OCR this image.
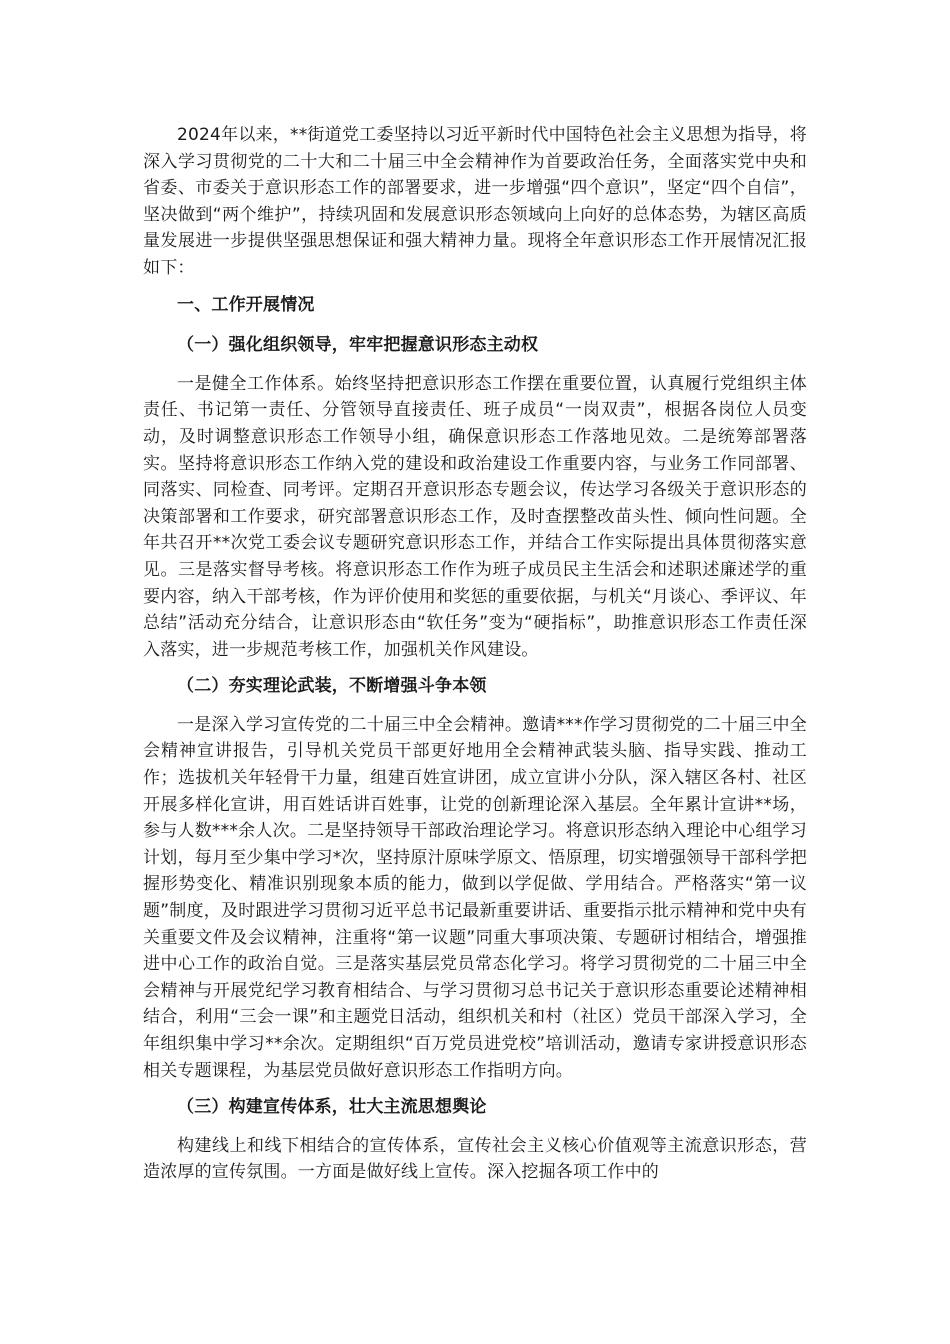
2024年以来，**街道党工委坚持以习近平新时代中国特色社会主义思想为指导，将深入学习贯彻党的二十大和二十届三中全会精神作为首要政治任务，全面落实党中央和省委、市委关于意识形态工作的部署要求，进一步增强“四个意识”，坚定“四个自信”，坚决做到“两个维护”，持续巩固和发展意识形态领域向上向好的总体态势，为辖区高质量发展进一步提供坚强思想保证和强大精神力量。现将全年意识形态工作开展情况汇报如下：

一、工作开展情况
（一）强化组织领导，牢牢把握意识形态主动权

一是健全工作体系。始终坚持把意识形态工作摆在重要位置，认真履行党组织主体责任、书记第一责任、分管领导直接责任、班子成员“一岗双责”，根据各岗位人员变动，及时调整意识形态工作领导小组，确保意识形态工作落地见效。二是统筹部署落实。坚持将意识形态工作纳入党的建设和政治建设工作重要内容，与业务工作同部署、同落实、同检查、同考评。定期召开意识形态专题会议，传达学习各级关于意识形态的决策部署和工作要求，研究部署意识形态工作，及时查摆整改苗头性、倾向性问题。全年共召开**次党工委会议专题研究意识形态工作，并结合工作实际提出具体贯彻落实意见。三是落实督导考核。将意识形态工作作为班子成员民主生活会和述职述廉述学的重要内容，纳入干部考核，作为评价使用和奖惩的重要依据，与机关“月谈心、季评议、年总结”活动充分结合，让意识形态由“软任务”变为“硬指标”，助推意识形态工作责任深入落实，进一步规范考核工作，加强机关作风建设。

（二）夯实理论武装，不断增强斗争本领

一是深入学习宣传党的二十届三中全会精神。邀请***作学习贯彻党的二十届三中全会精神宣讲报告，引导机关党员干部更好地用全会精神武装头脑、指导实践、推动工作；选拔机关年轻骨干力量，组建百姓宣讲团，成立宣讲小分队，深入辖区各村、社区开展多样化宣讲，用百姓话讲百姓事，让党的创新理论深入基层。全年累计宣讲**场，参与人数***余人次。二是坚持领导干部政治理论学习。将意识形态纳入理论中心组学习计划，每月至少集中学习*次，坚持原汁原味学原文、悟原理，切实增强领导干部科学把握形势变化、精准识别现象本质的能力，做到以学促做、学用结合。严格落实“第一议题”制度，及时跟进学习贯彻习近平总书记最新重要讲话、重要指示批示精神和党中央有关重要文件及会议精神，注重将“第一议题”同重大事项决策、专题研讨相结合，增强推进中心工作的政治自觉。三是落实基层党员常态化学习。将学习贯彻党的二十届三中全会精神与开展党纪学习教育相结合、与学习贯彻习总书记关于意识形态重要论述精神相结合，利用“三会一课”和主题党日活动，组织机关和村（社区）党员干部深入学习，全年组织集中学习**余次。定期组织“百万党员进党校”培训活动，邀请专家讲授意识形态相关专题课程，为基层党员做好意识形态工作指明方向。

（三）构建宣传体系，壮大主流思想舆论

构建线上和线下相结合的宣传体系，宣传社会主义核心价值观等主流意识形态，营造浓厚的宣传氛围。一方面是做好线上宣传。深入挖掘各项工作中的
